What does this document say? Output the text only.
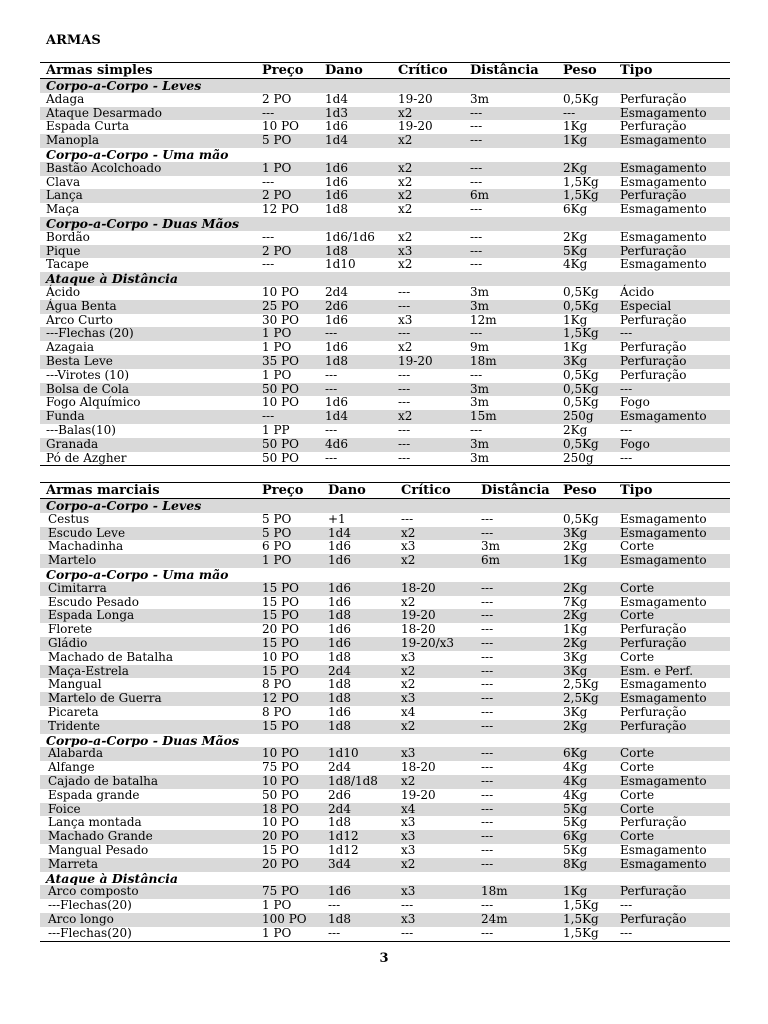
ARMAS
Armas simples	Preço Dano	Crítico Distância Peso Tipo
Corpo-a-Corpo - Leves
Adaga	2 PO	1d4	19-20	3m	0,5Kg Perfuração
Ataque Desarmado	---	1d3	x2	---	---	Esmagamento
Espada Curta	10 PO 1d6	19-20	---	1Kg	Perfuração
Manopla	5 PO	1d4	x2	---	1Kg	Esmagamento
Corpo-a-Corpo - Uma mão
Bastão Acolchoado	1 PO	1d6	x2	---	2Kg	Esmagamento
Clava	---	1d6	x2	---	1,5Kg Esmagamento
Lança	2 PO	1d6	x2	6m	1,5Kg Perfuração
Maça	12 PO 1d8	x2	---	6Kg	Esmagamento
Corpo-a-Corpo - Duas Mãos
Bordão	---	1d6/1d6 x2	---	2Kg	Esmagamento
Pique	2 PO	1d8	x3	---	5Kg	Perfuração
Tacape	---	1d10	x2	---	4Kg	Esmagamento
Ataque à Distância
Ácido	10 PO 2d4	---	3m	0,5Kg Ácido
Água Benta	25 PO 2d6	---	3m	0,5Kg Especial
Arco Curto	30 PO 1d6	x3	12m	1Kg	Perfuração
---Flechas (20)	1 PO	---	---	---	1,5Kg ---
Azagaia	1 PO	1d6	x2	9m	1Kg	Perfuração
Besta Leve	35 PO 1d8	19-20	18m	3Kg	Perfuração
---Virotes (10)	1 PO	---	---	---	0,5Kg Perfuração
Bolsa de Cola	50 PO ---	---	3m	0,5Kg ---
Fogo Alquímico	10 PO 1d6	---	3m	0,5Kg Fogo
Funda	---	1d4	x2	15m	250g Esmagamento
---Balas(10)	1 PP	---	---	---	2Kg	---
Granada	50 PO 4d6	---	3m	0,5Kg Fogo
Pó de Azgher	50 PO ---	---	3m	250g ---
Armas marciais	Preço Dano	Crítico Distância Peso Tipo
Corpo-a-Corpo - Leves
Cestus	5 PO	+1	---	---	0,5Kg Esmagamento
Escudo Leve	5 PO	1d4	x2	---	3Kg	Esmagamento
Machadinha	6 PO	1d6	x3	3m	2Kg	Corte
Martelo	1 PO	1d6	x2	6m	1Kg	Esmagamento
Corpo-a-Corpo - Uma mão
Cimitarra	15 PO 1d6	18-20	---	2Kg	Corte
Escudo Pesado	15 PO 1d6	x2	---	7Kg	Esmagamento
Espada Longa	15 PO 1d8	19-20	---	2Kg	Corte
Florete	20 PO 1d6	18-20	---	1Kg	Perfuração
Gládio	15 PO 1d6	19-20/x3 ---	2Kg	Perfuração
Machado de Batalha	10 PO 1d8	x3	---	3Kg	Corte
Maça-Estrela	15 PO 2d4	x2	---	3Kg	Esm. e Perf.
Mangual	8 PO	1d8	x2	---	2,5Kg Esmagamento
Martelo de Guerra	12 PO 1d8	x3	---	2,5Kg Esmagamento
Picareta	8 PO	1d6	x4	---	3Kg	Perfuração
Tridente	15 PO 1d8	x2	---	2Kg	Perfuração
Corpo-a-Corpo - Duas Mãos
Alabarda	10 PO 1d10	x3	---	6Kg	Corte
Alfange	75 PO 2d4	18-20	---	4Kg	Corte
Cajado de batalha	10 PO 1d8/1d8 x2	---	4Kg	Esmagamento
Espada grande	50 PO 2d6	19-20	---	4Kg	Corte
Foice	18 PO 2d4	x4	---	5Kg	Corte
Lança montada	10 PO 1d8	x3	---	5Kg	Perfuração
Machado Grande	20 PO 1d12	x3	---	6Kg	Corte
Mangual Pesado	15 PO 1d12	x3	---	5Kg	Esmagamento
Marreta	20 PO 3d4	x2	---	8Kg	Esmagamento
Ataque à Distância
Arco composto	75 PO 1d6	x3	18m	1Kg	Perfuração
---Flechas(20)	1 PO	---	---	---	1,5Kg ---
Arco longo	100 PO 1d8	x3	24m	1,5Kg Perfuração
---Flechas(20)	1 PO	---	---	---	1,5Kg ---
3
